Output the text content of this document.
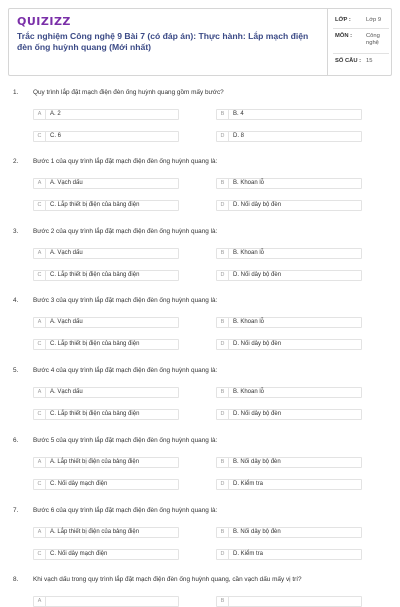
QUIZIZZ
Trắc nghiệm Công nghệ 9 Bài 7 (có đáp án): Thực hành: Lắp mạch điện đèn ống huỳnh quang (Mới nhất)
LỚP :	Lớp 9
MÔN : Công nghệ
SỐ CÂU : 15
1. Quy trình lắp đặt mạch điện đèn ống huỳnh quang gồm mấy bước?
A	A. 2	B	B. 4
C	C. 6	D	D. 8
2. Bước 1 của quy trình lắp đặt mạch điện đèn ống huỳnh quang là:
A	A. Vạch dấu	B	B. Khoan lỗ
C	C. Lắp thiết bị điện của bảng điện	D	D. Nối dây bộ đèn
3. Bước 2 của quy trình lắp đặt mạch điện đèn ống huỳnh quang là:
A	A. Vạch dấu	B	B. Khoan lỗ
C	C. Lắp thiết bị điện của bảng điện	D	D. Nối dây bộ đèn
4. Bước 3 của quy trình lắp đặt mạch điện đèn ống huỳnh quang là:
A	A. Vạch dấu	B	B. Khoan lỗ
C	C. Lắp thiết bị điện của bảng điện	D	D. Nối dây bộ đèn
5. Bước 4 của quy trình lắp đặt mạch điện đèn ống huỳnh quang là:
A	A. Vạch dấu	B	B. Khoan lỗ
C	C. Lắp thiết bị điện của bảng điện	D	D. Nối dây bộ đèn
6. Bước 5 của quy trình lắp đặt mạch điện đèn ống huỳnh quang là:
A	A. Lắp thiết bị điện của bảng điện	B	B. Nối dây bộ đèn
C	C. Nối dây mạch điện	D	D. Kiểm tra
7. Bước 6 của quy trình lắp đặt mạch điện đèn ống huỳnh quang là:
A	A. Lắp thiết bị điện của bảng điện	B	B. Nối dây bộ đèn
C	C. Nối dây mạch điện	D	D. Kiểm tra
8. Khi vạch dấu trong quy trình lắp đặt mạch điện đèn ống huỳnh quang, cần vạch dấu mấy vị trí?
A	B
